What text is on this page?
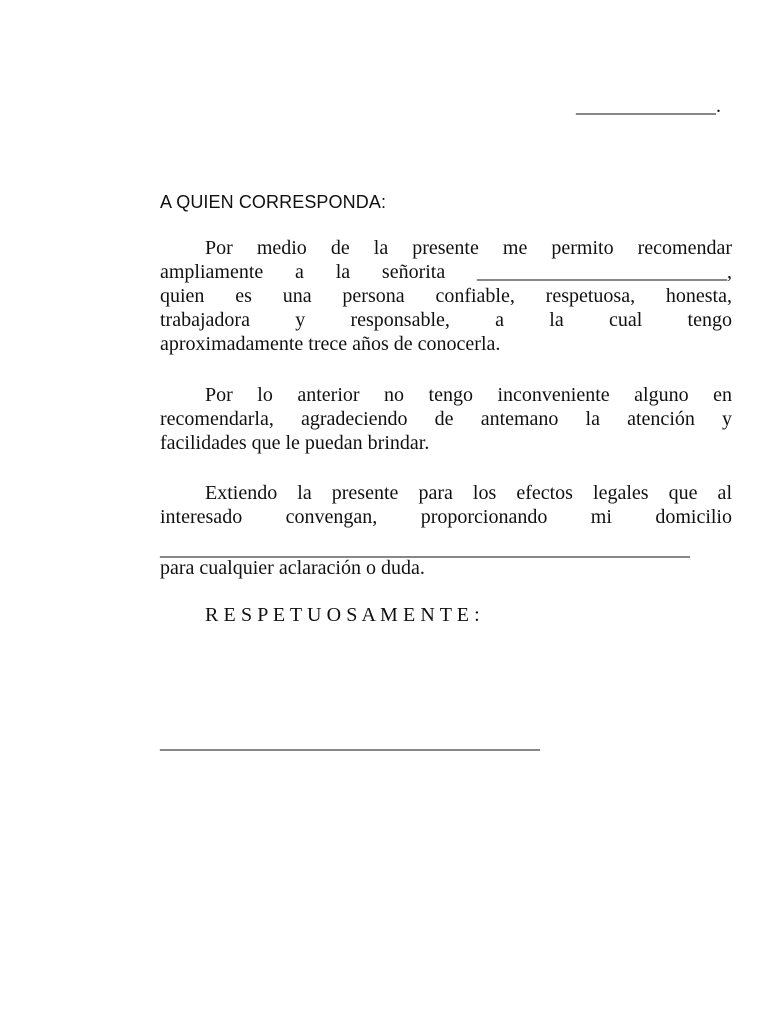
______________.
A QUIEN CORRESPONDA:
Por medio de la presente me permito recomendar
ampliamente a la señorita _________________________,
quien es una persona confiable, respetuosa, honesta,
trabajadora y responsable, a la cual tengo
aproximadamente trece años de conocerla.
Por lo anterior no tengo inconveniente alguno en
recomendarla, agradeciendo de antemano la atención y
facilidades que le puedan brindar.
Extiendo la presente para los efectos legales que al
interesado convengan, proporcionando mi domicilio
_____________________________________________________
para cualquier aclaración o duda.
R E S P E T U O S A M E N T E :
______________________________________
